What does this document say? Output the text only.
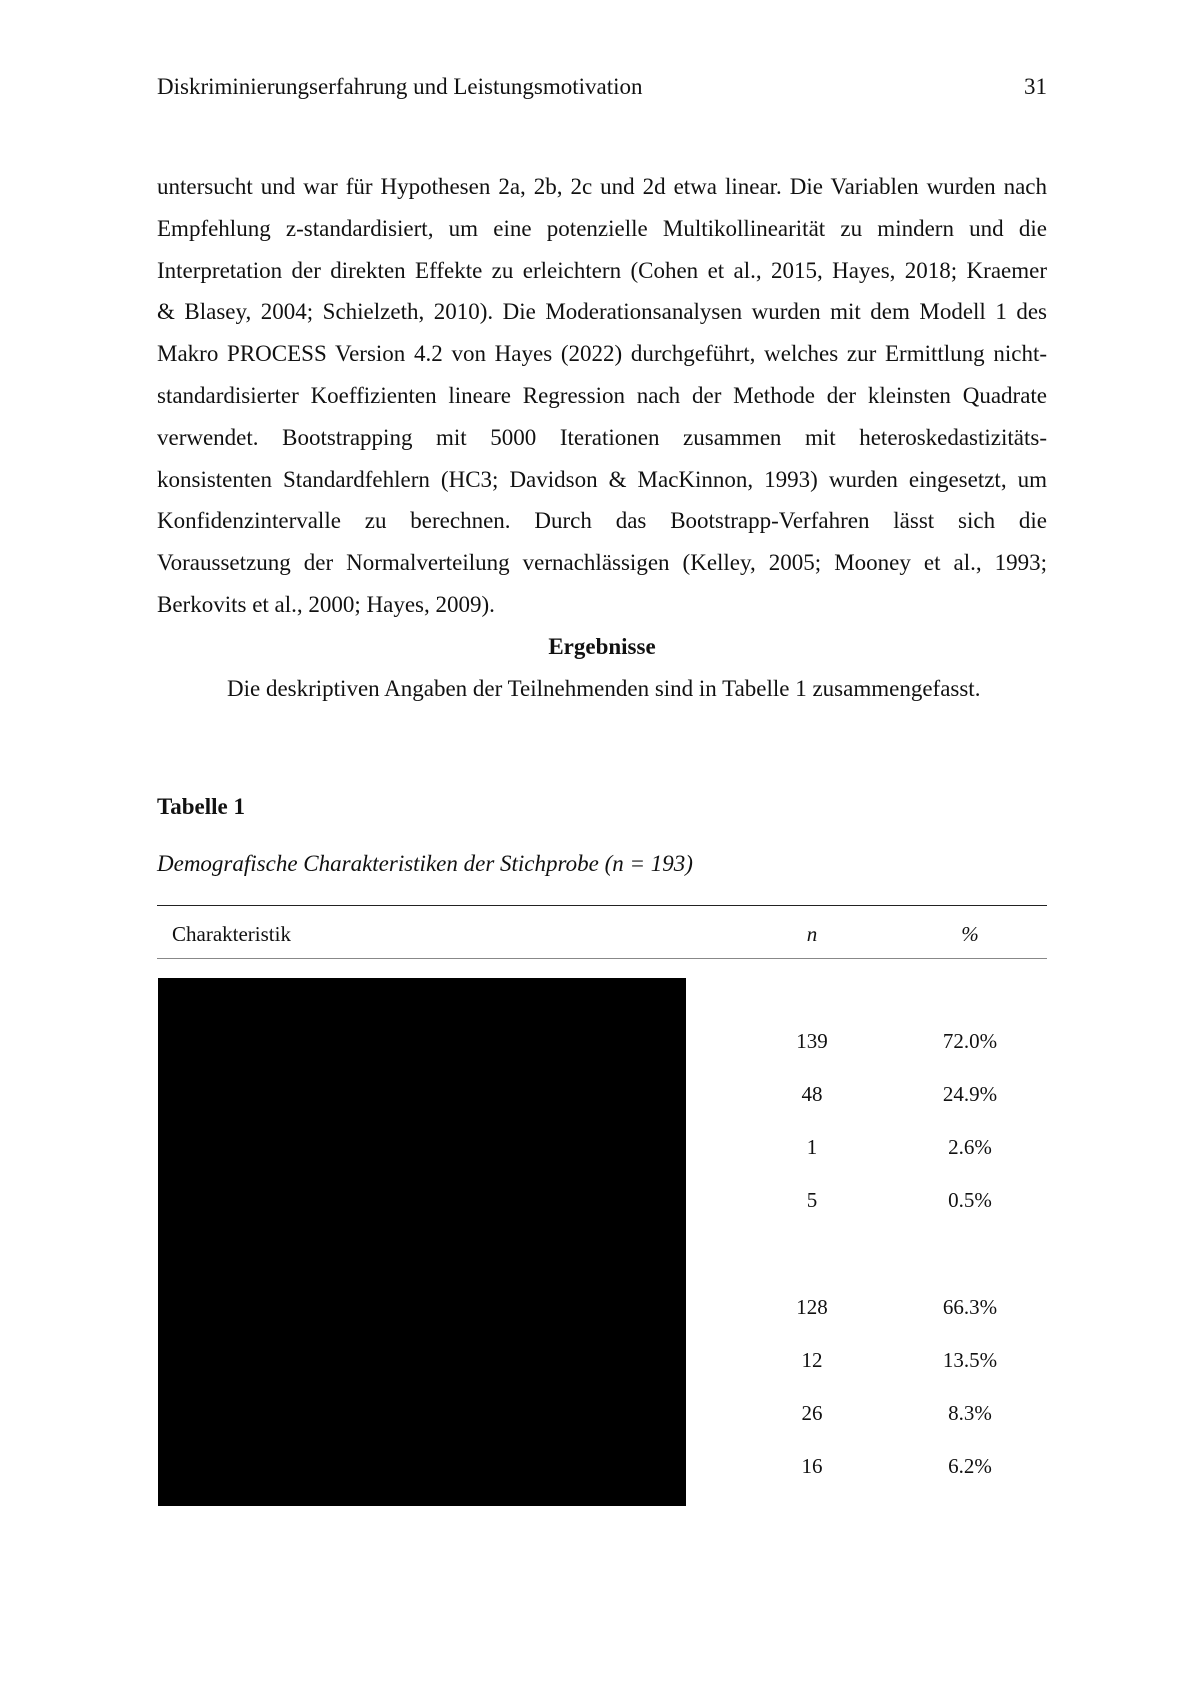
Diskriminierungserfahrung und Leistungsmotivation	31
untersucht und war für Hypothesen 2a, 2b, 2c und 2d etwa linear. Die Variablen wurden nach
Empfehlung z-standardisiert, um eine potenzielle Multikollinearität zu mindern und die
Interpretation der direkten Effekte zu erleichtern (Cohen et al., 2015, Hayes, 2018; Kraemer
& Blasey, 2004; Schielzeth, 2010). Die Moderationsanalysen wurden mit dem Modell 1 des
Makro PROCESS Version 4.2 von Hayes (2022) durchgeführt, welches zur Ermittlung nicht-
standardisierter Koeffizienten lineare Regression nach der Methode der kleinsten Quadrate
verwendet. Bootstrapping mit 5000 Iterationen zusammen mit heteroskedastizitäts-
konsistenten Standardfehlern (HC3; Davidson & MacKinnon, 1993) wurden eingesetzt, um
Konfidenzintervalle zu berechnen. Durch das Bootstrapp-Verfahren lässt sich die
Voraussetzung der Normalverteilung vernachlässigen (Kelley, 2005; Mooney et al., 1993;
Berkovits et al., 2000; Hayes, 2009).
Ergebnisse
Die deskriptiven Angaben der Teilnehmenden sind in Tabelle 1 zusammengefasst.
Tabelle 1
Demografische Charakteristiken der Stichprobe (n = 193)
Charakteristik	n	%
139	72.0%
48	24.9%
1	2.6%
5	0.5%
128	66.3%
12	13.5%
26	8.3%
16	6.2%
